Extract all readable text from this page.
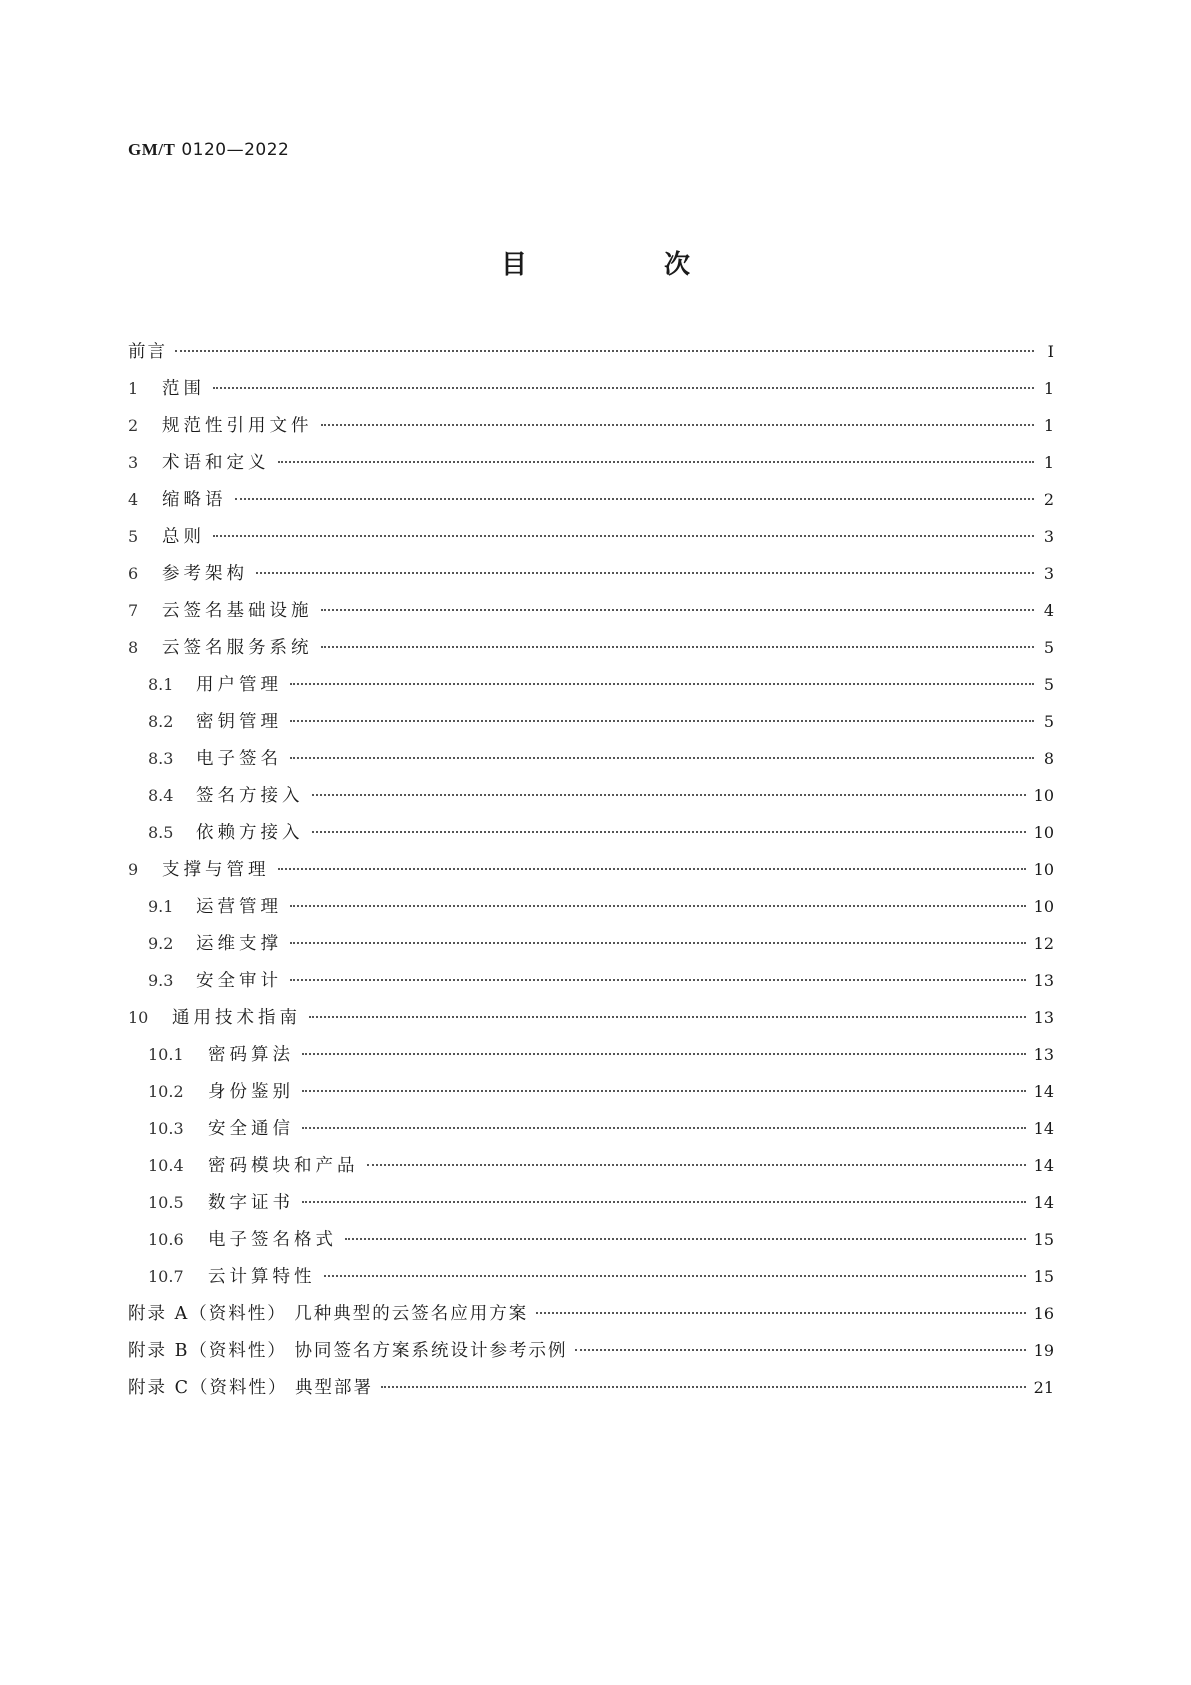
GM/T 0120—2022
目 次
前言	Ⅰ
1	范围	1
2	规范性引用文件	1
3	术语和定义	1
4	缩略语	2
5	总则	3
6	参考架构	3
7	云签名基础设施	4
8	云签名服务系统	5
8.1	用户管理	5
8.2	密钥管理	5
8.3	电子签名	8
8.4	签名方接入	10
8.5	依赖方接入	10
9	支撑与管理	10
9.1	运营管理	10
9.2	运维支撑	12
9.3	安全审计	13
10	通用技术指南	13
10.1	密码算法	13
10.2	身份鉴别	14
10.3	安全通信	14
10.4	密码模块和产品	14
10.5	数字证书	14
10.6	电子签名格式	15
10.7	云计算特性	15
附录 A（资料性） 几种典型的云签名应用方案	16
附录 B（资料性） 协同签名方案系统设计参考示例	19
附录 C（资料性） 典型部署	21
